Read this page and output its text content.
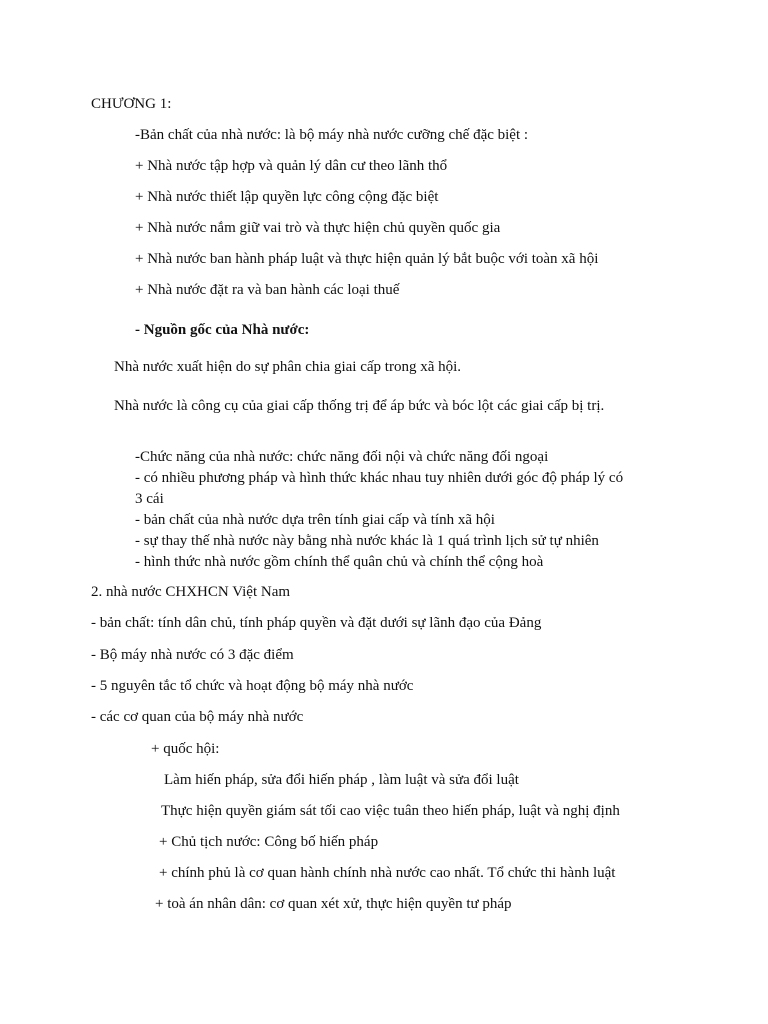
CHƯƠNG 1:

-Bản chất của nhà nước: là bộ máy nhà nước cưỡng chế đặc biệt :

+ Nhà nước tập hợp và quản lý dân cư theo lãnh thổ

+ Nhà nước thiết lập quyền lực công cộng đặc biệt

+ Nhà nước nắm giữ vai trò và thực hiện chủ quyền quốc gia

+ Nhà nước ban hành pháp luật và thực hiện quản lý bắt buộc với toàn xã hội

+ Nhà nước đặt ra và ban hành các loại thuế

- Nguồn gốc của Nhà nước:

Nhà nước xuất hiện do sự phân chia giai cấp trong xã hội.

Nhà nước là công cụ của giai cấp thống trị để áp bức và bóc lột các giai cấp bị trị.

-Chức năng của nhà nước: chức năng đối nội và chức năng đối ngoại

- có nhiều phương pháp và hình thức khác nhau tuy nhiên dưới góc độ pháp lý có

3 cái

- bản chất của nhà nước dựa trên tính giai cấp và tính xã hội

- sự thay thế nhà nước này bằng nhà nước khác là 1 quá trình lịch sử tự nhiên

- hình thức nhà nước gồm chính thể quân chủ và chính thể cộng hoà

2. nhà nước CHXHCN Việt Nam

- bản chất: tính dân chủ, tính pháp quyền và đặt dưới sự lãnh đạo của Đảng

- Bộ máy nhà nước có 3 đặc điểm

- 5 nguyên tắc tổ chức và hoạt động bộ máy nhà nước

- các cơ quan của bộ máy nhà nước

+ quốc hội:

Làm hiến pháp, sửa đổi hiến pháp , làm luật và sửa đổi luật

Thực hiện quyền giám sát tối cao việc tuân theo hiến pháp, luật và nghị định

+ Chủ tịch nước: Công bố hiến pháp

+ chính phủ là cơ quan hành chính nhà nước cao nhất. Tổ chức thi hành luật

+ toà án nhân dân: cơ quan xét xử, thực hiện quyền tư pháp
